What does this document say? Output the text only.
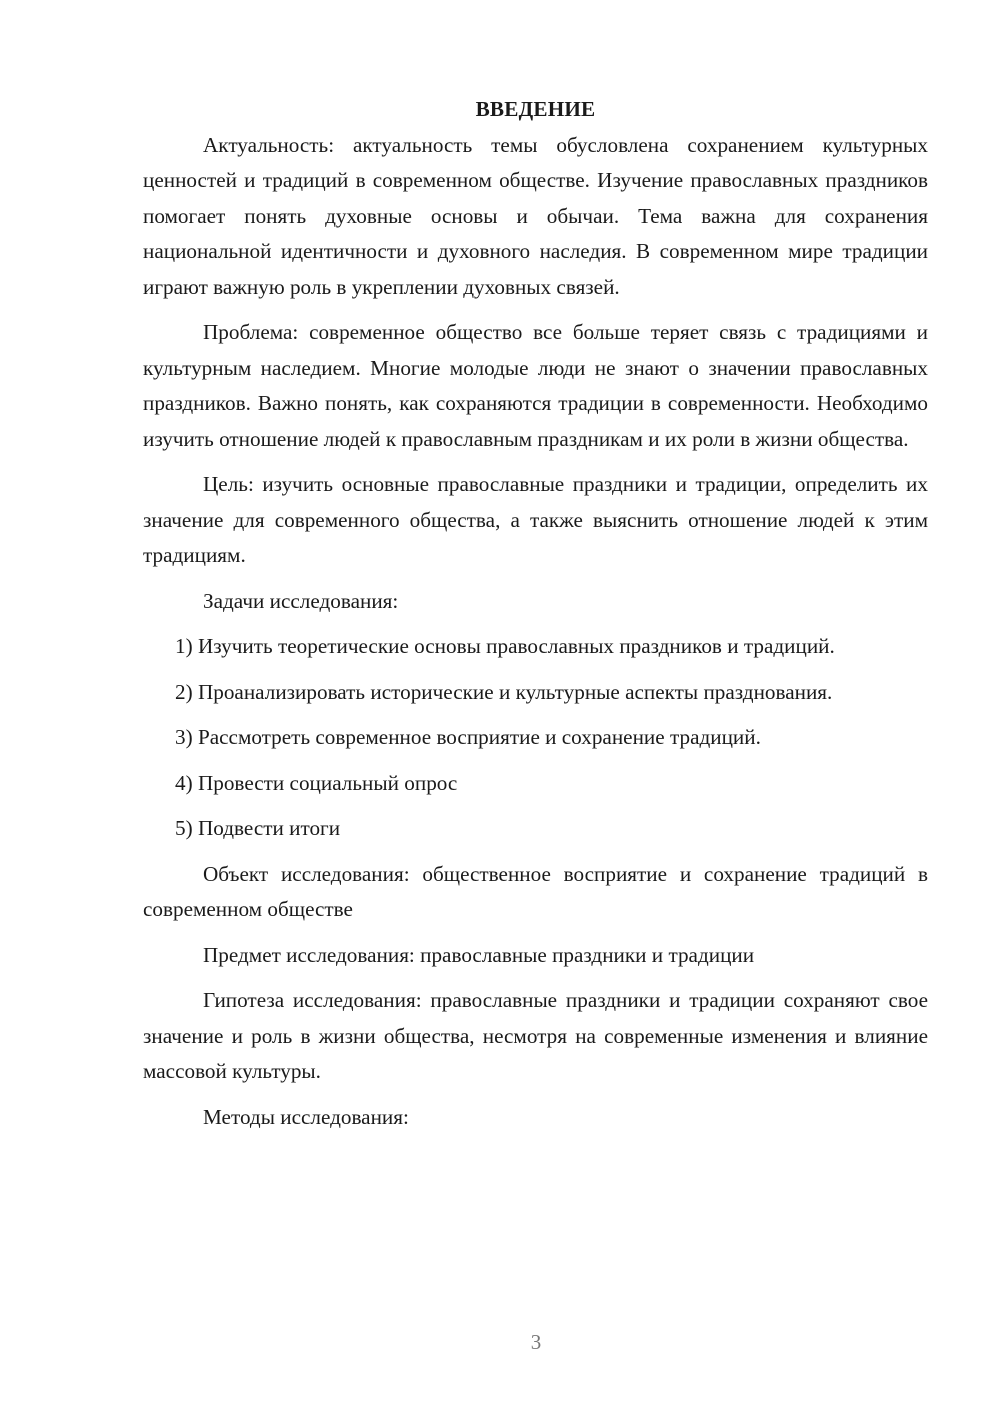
ВВЕДЕНИЕ

Актуальность: актуальность темы обусловлена сохранением культурных ценностей и традиций в современном обществе. Изучение православных праздников помогает понять духовные основы и обычаи. Тема важна для сохранения национальной идентичности и духовного наследия. В современном мире традиции играют важную роль в укреплении духовных связей.

Проблема: современное общество все больше теряет связь с традициями и культурным наследием. Многие молодые люди не знают о значении православных праздников. Важно понять, как сохраняются традиции в современности. Необходимо изучить отношение людей к православным праздникам и их роли в жизни общества.

Цель: изучить основные православные праздники и традиции, определить их значение для современного общества, а также выяснить отношение людей к этим традициям.

Задачи исследования:

1) Изучить теоретические основы православных праздников и традиций.

2) Проанализировать исторические и культурные аспекты празднования.

3) Рассмотреть современное восприятие и сохранение традиций.

4) Провести социальный опрос

5) Подвести итоги

Объект исследования: общественное восприятие и сохранение традиций в современном обществе

Предмет исследования: православные праздники и традиции

Гипотеза исследования: православные праздники и традиции сохраняют свое значение и роль в жизни общества, несмотря на современные изменения и влияние массовой культуры.

Методы исследования:

3
